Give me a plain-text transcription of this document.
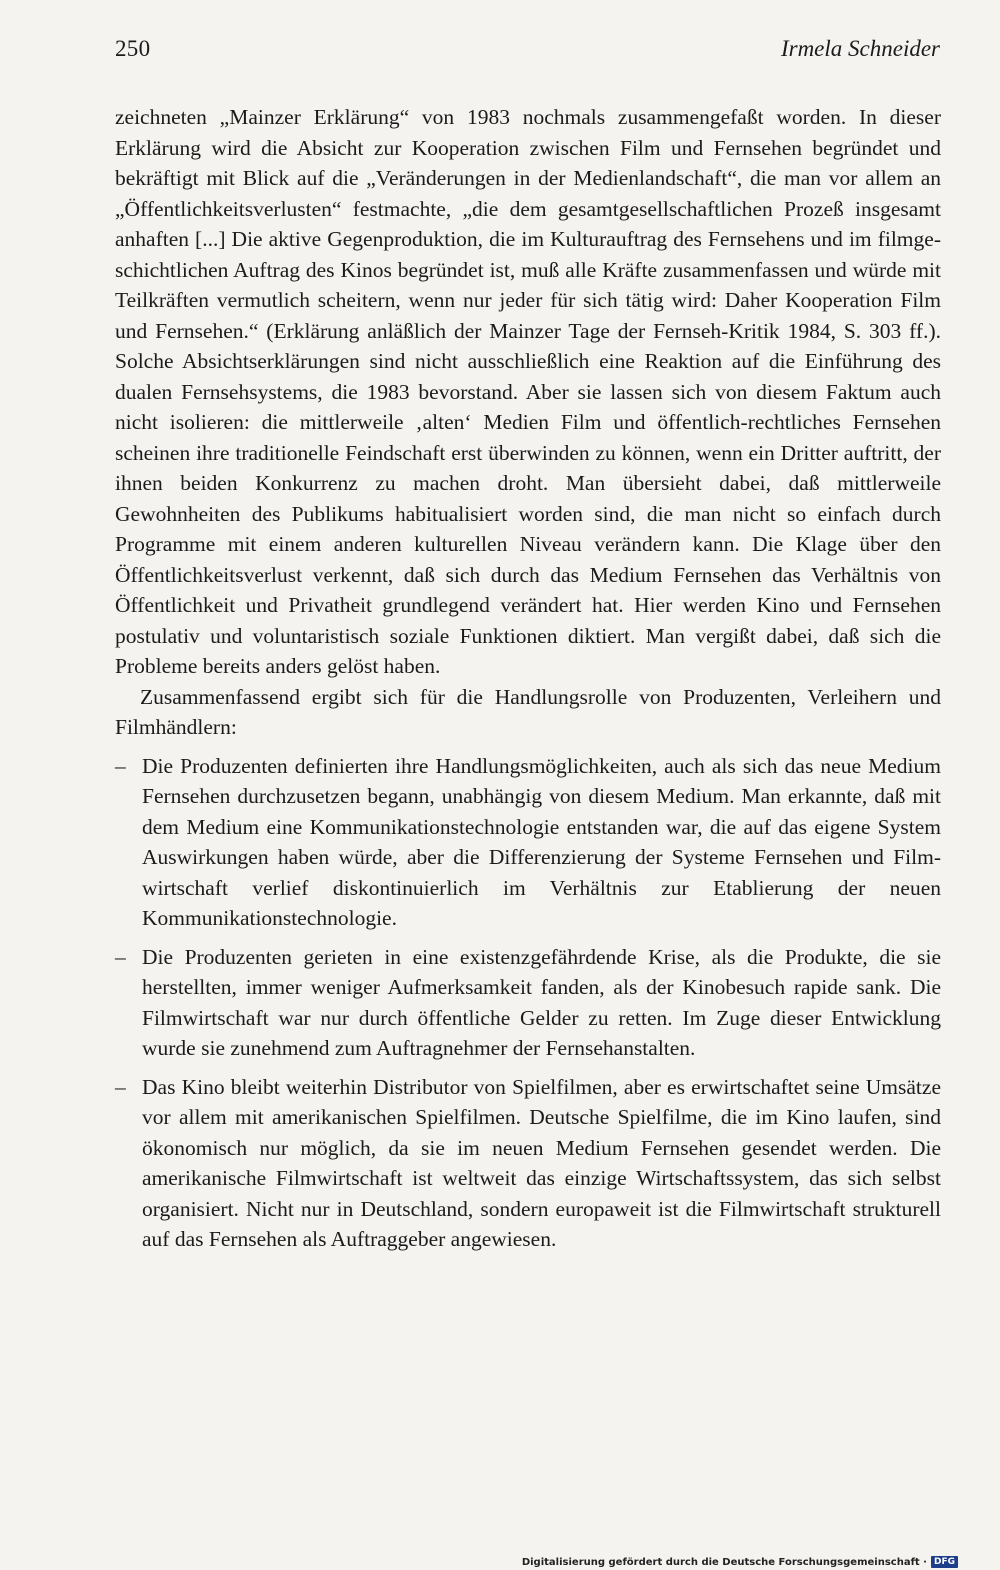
250	Irmela Schneider

zeichneten „Mainzer Erklärung“ von 1983 nochmals zusammengefaßt worden. In dieser Erklärung wird die Absicht zur Kooperation zwischen Film und Fernsehen begründet und bekräftigt mit Blick auf die „Veränderungen in der Medienlandschaft“, die man vor allem an „Öffentlichkeitsverlusten“ festmachte, „die dem gesamtgesellschaftlichen Prozeß insgesamt anhaften [...] Die aktive Gegenproduktion, die im Kulturauftrag des Fernsehens und im filmgeschichtlichen Auftrag des Kinos begründet ist, muß alle Kräfte zusammenfassen und würde mit Teilkräften vermutlich scheitern, wenn nur jeder für sich tätig wird: Daher Kooperation Film und Fernsehen.“ (Erklärung anläßlich der Mainzer Tage der Fernseh-Kritik 1984, S. 303 ff.). Solche Absichtserklärungen sind nicht ausschließlich eine Reaktion auf die Einführung des dualen Fernsehsystems, die 1983 bevorstand. Aber sie lassen sich von diesem Faktum auch nicht isolieren: die mittlerweile ‚alten‘ Medien Film und öffentlich-rechtliches Fernsehen scheinen ihre traditionelle Feindschaft erst überwinden zu können, wenn ein Dritter auftritt, der ihnen beiden Konkurrenz zu machen droht. Man übersieht dabei, daß mittlerweile Gewohnheiten des Publikums habitualisiert worden sind, die man nicht so einfach durch Programme mit einem anderen kulturellen Niveau verändern kann. Die Klage über den Öffentlichkeitsverlust verkennt, daß sich durch das Medium Fernsehen das Verhältnis von Öffentlichkeit und Privatheit grundlegend verändert hat. Hier werden Kino und Fernsehen postulativ und voluntaristisch soziale Funktionen diktiert. Man vergißt dabei, daß sich die Probleme bereits anders gelöst haben.

Zusammenfassend ergibt sich für die Handlungsrolle von Produzenten, Verleihern und Filmhändlern:

– Die Produzenten definierten ihre Handlungsmöglichkeiten, auch als sich das neue Medium Fernsehen durchzusetzen begann, unabhängig von diesem Medium. Man erkannte, daß mit dem Medium eine Kommunikationstechnologie entstanden war, die auf das eigene System Auswirkungen haben würde, aber die Differenzierung der Systeme Fernsehen und Filmwirtschaft verlief diskontinuierlich im Verhältnis zur Etablierung der neuen Kommunikationstechnologie.
– Die Produzenten gerieten in eine existenzgefährdende Krise, als die Produkte, die sie herstellten, immer weniger Aufmerksamkeit fanden, als der Kinobesuch rapide sank. Die Filmwirtschaft war nur durch öffentliche Gelder zu retten. Im Zuge dieser Entwicklung wurde sie zunehmend zum Auftragnehmer der Fernsehanstalten.
– Das Kino bleibt weiterhin Distributor von Spielfilmen, aber es erwirtschaftet seine Umsätze vor allem mit amerikanischen Spielfilmen. Deutsche Spielfilme, die im Kino laufen, sind ökonomisch nur möglich, da sie im neuen Medium Fernsehen gesendet werden. Die amerikanische Filmwirtschaft ist weltweit das einzige Wirtschaftssystem, das sich selbst organisiert. Nicht nur in Deutschland, sondern europaweit ist die Filmwirtschaft strukturell auf das Fernsehen als Auftraggeber angewiesen.
Digitalisierung gefördert durch die Deutsche Forschungsgemeinschaft · DFG
